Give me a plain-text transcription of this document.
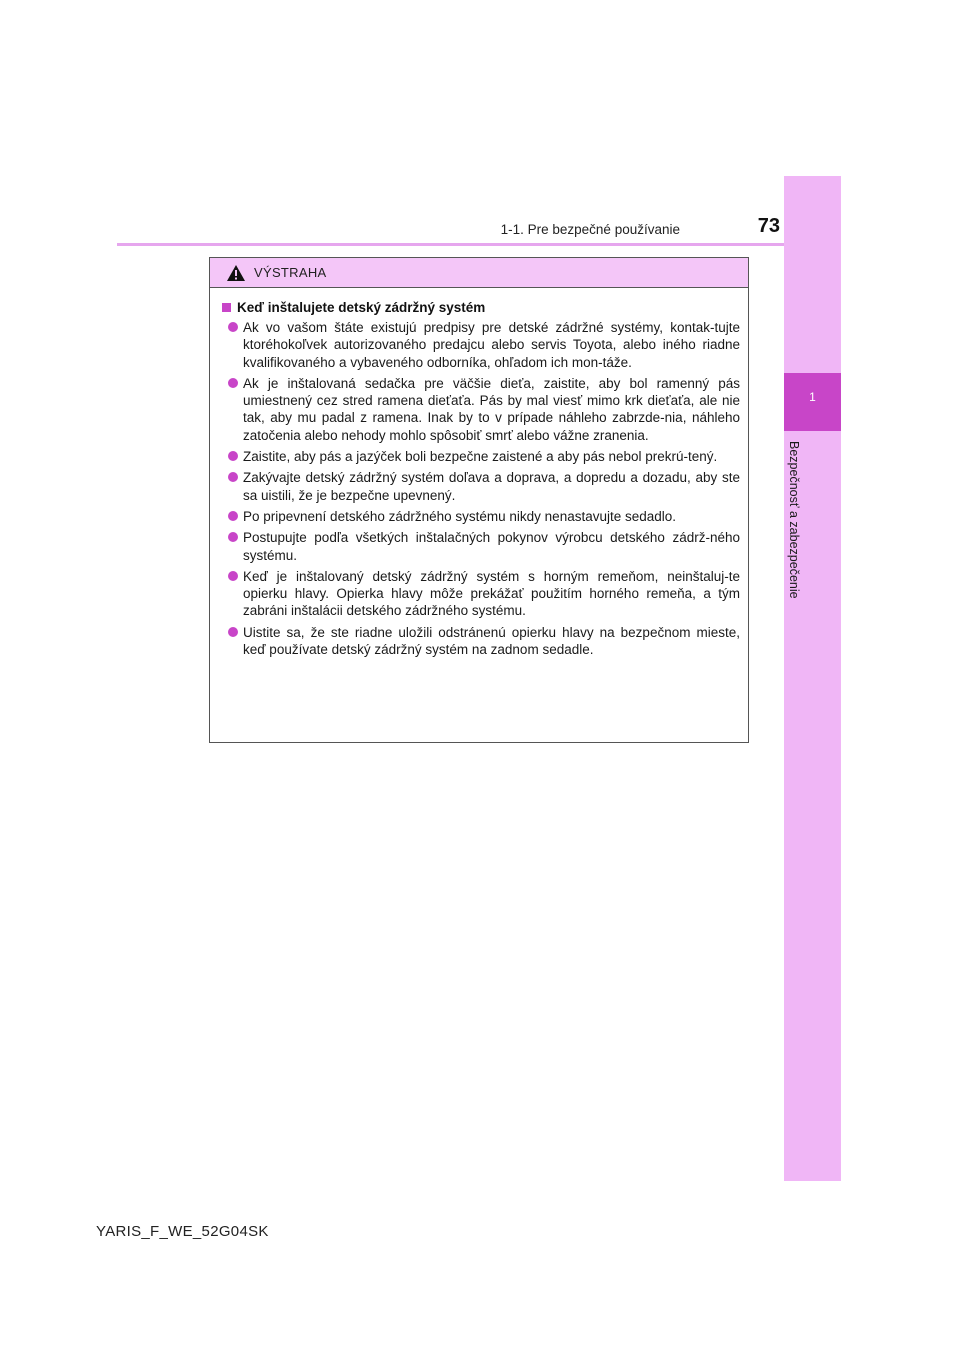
1-1. Pre bezpečné používanie	73
1
Bezpečnosť a zabezpečenie
VÝSTRAHA
Keď inštalujete detský zádržný systém
Ak vo vašom štáte existujú predpisy pre detské zádržné systémy, kontak-tujte ktoréhokoľvek autorizovaného predajcu alebo servis Toyota, alebo iného riadne kvalifikovaného a vybaveného odborníka, ohľadom ich mon-táže.
Ak je inštalovaná sedačka pre väčšie dieťa, zaistite, aby bol ramenný pás umiestnený cez stred ramena dieťaťa. Pás by mal viesť mimo krk dieťaťa, ale nie tak, aby mu padal z ramena. Inak by to v prípade náhleho zabrzde-nia, náhleho zatočenia alebo nehody mohlo spôsobiť smrť alebo vážne zranenia.
Zaistite, aby pás a jazýček boli bezpečne zaistené a aby pás nebol prekrú-tený.
Zakývajte detský zádržný systém doľava a doprava, a dopredu a dozadu, aby ste sa uistili, že je bezpečne upevnený.
Po pripevnení detského zádržného systému nikdy nenastavujte sedadlo.
Postupujte podľa všetkých inštalačných pokynov výrobcu detského zádrž-ného systému.
Keď je inštalovaný detský zádržný systém s horným remeňom, neinštaluj-te opierku hlavy. Opierka hlavy môže prekážať použitím horného remeňa, a tým zabráni inštalácii detského zádržného systému.
Uistite sa, že ste riadne uložili odstránenú opierku hlavy na bezpečnom mieste, keď používate detský zádržný systém na zadnom sedadle.
YARIS_F_WE_52G04SK
